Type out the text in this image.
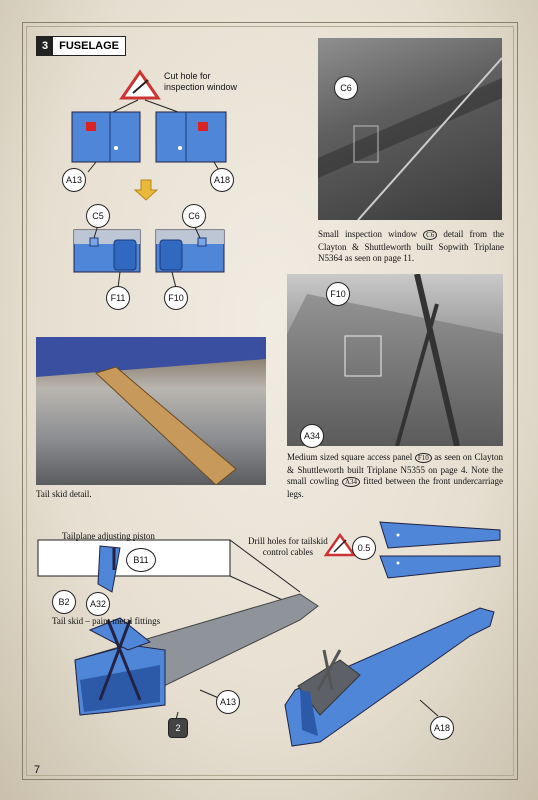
3	FUSELAGE
Cut hole for
inspection window
A13	A18
C5	C6
F11	F10
C6
Small inspection window C6 detail from the Clayton & Shuttleworth built Sopwith Triplane N5364 as seen on page 11.
F10
A34
Medium sized square access panel F10 as seen on Clayton & Shuttleworth built Triplane N5355 on page 4. Note the small cowling A34 fitted between the front undercarriage legs.
Tail skid detail.
Tailplane adjusting piston
B11
B2	A32
Tail skid – paint metal fittings
Drill holes for tailskid
control cables	0.5
A13
A18
2
7
